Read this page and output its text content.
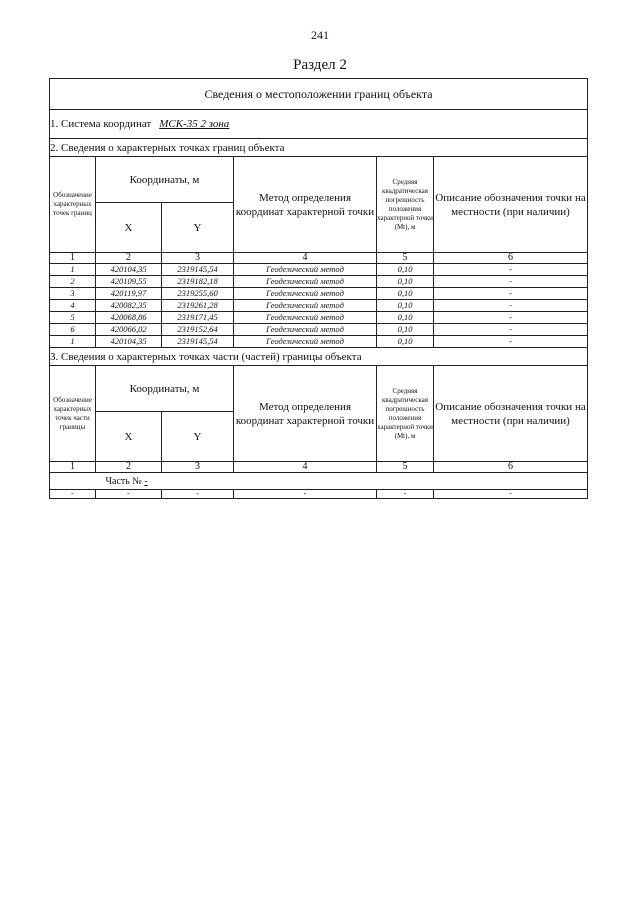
241
Раздел 2
Сведения о местоположении границ объекта					
1. Система координат МСК-35 2 зона					
2. Сведения о характерных точках границ объекта					
Обозначение характерных точек границ	Координаты, м		Метод определения координат характерной точки	Средняя квадратическая погрешность положения характерной точки (Mt), м	Описание обозначения точки на местности (при наличии)
	X	Y			
1	2	3	4	5	6
1	420104,35	2319145,54	Геодезический метод	0,10	-
2	420109,55	2319182,18	Геодезический метод	0,10	-
3	420119,97	2319255,60	Геодезический метод	0,10	-
4	420082,35	2319261,28	Геодезический метод	0,10	-
5	420068,86	2319171,45	Геодезический метод	0,10	-
6	420066,02	2319152,64	Геодезический метод	0,10	-
1	420104,35	2319145,54	Геодезический метод	0,10	-
3. Сведения о характерных точках части (частей) границы объекта					
Обозначение характерных точек части границы	Координаты, м		Метод определения координат характерной точки	Средняя квадратическая погрешность положения характерной точки (Mt), м	Описание обозначения точки на местности (при наличии)
	X	Y			
1	2	3	4	5	6
	Часть № -				
-	-	-	-	-	-
